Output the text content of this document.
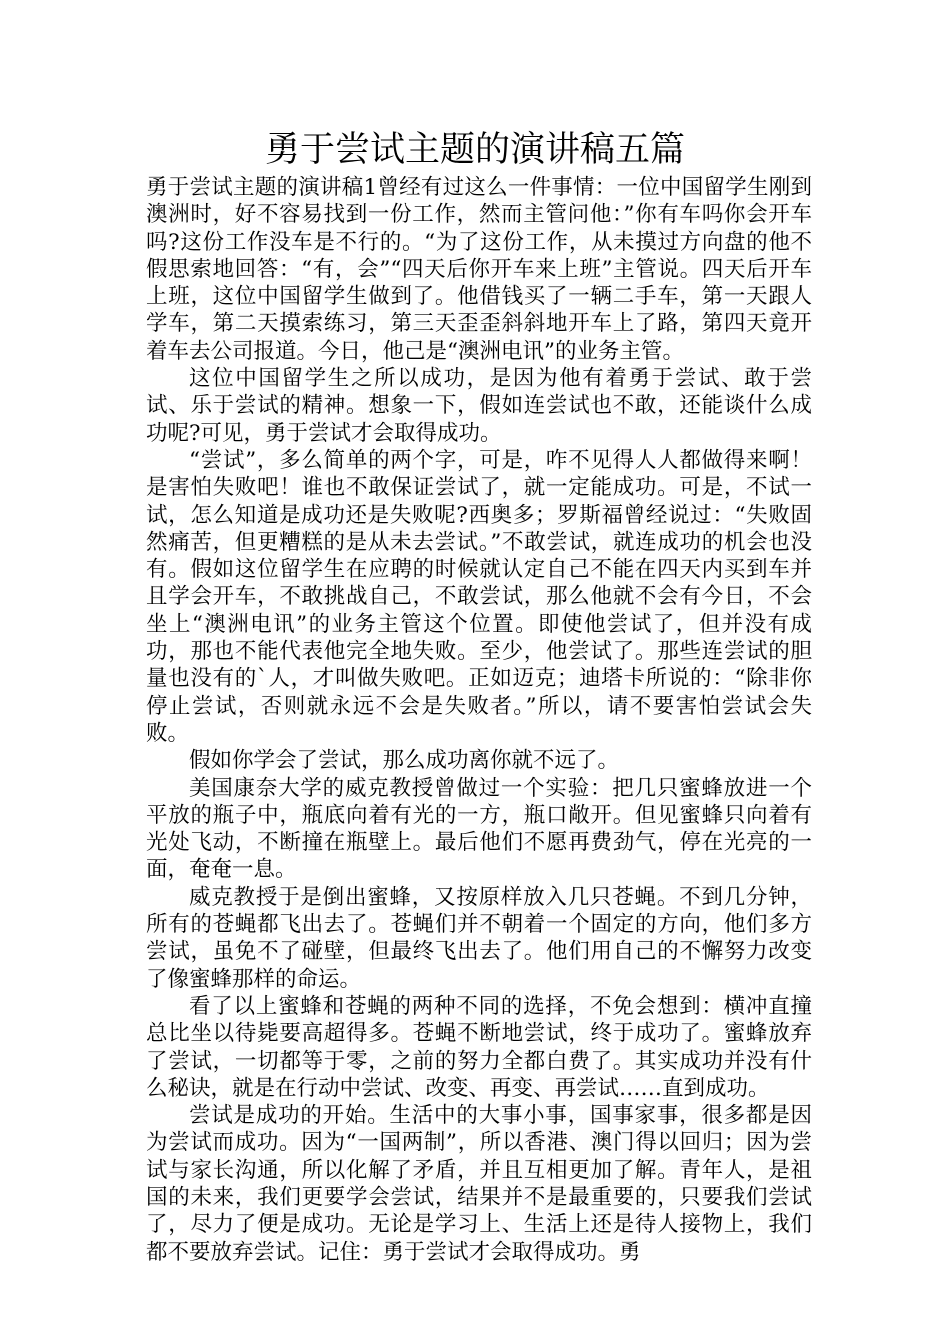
勇于尝试主题的演讲稿五篇

勇于尝试主题的演讲稿1曾经有过这么一件事情：一位中国留学生刚到澳洲时，好不容易找到一份工作，然而主管问他：”你有车吗你会开车吗?这份工作没车是不行的。“为了这份工作，从未摸过方向盘的他不假思索地回答：“有，会”“四天后你开车来上班”主管说。四天后开车上班，这位中国留学生做到了。他借钱买了一辆二手车，第一天跟人学车，第二天摸索练习，第三天歪歪斜斜地开车上了路，第四天竟开着车去公司报道。今日，他己是“澳洲电讯”的业务主管。

这位中国留学生之所以成功，是因为他有着勇于尝试、敢于尝试、乐于尝试的精神。想象一下，假如连尝试也不敢，还能谈什么成功呢?可见，勇于尝试才会取得成功。

“尝试”，多么简单的两个字，可是，咋不见得人人都做得来啊！是害怕失败吧！谁也不敢保证尝试了，就一定能成功。可是，不试一试，怎么知道是成功还是失败呢?西奥多；罗斯福曾经说过：“失败固然痛苦，但更糟糕的是从未去尝试。”不敢尝试，就连成功的机会也没有。假如这位留学生在应聘的时候就认定自己不能在四天内买到车并且学会开车，不敢挑战自己，不敢尝试，那么他就不会有今日，不会坐上“澳洲电讯”的业务主管这个位置。即使他尝试了，但并没有成功，那也不能代表他完全地失败。至少，他尝试了。那些连尝试的胆量也没有的`人，才叫做失败吧。正如迈克；迪塔卡所说的：“除非你停止尝试，否则就永远不会是失败者。”所以，请不要害怕尝试会失败。

假如你学会了尝试，那么成功离你就不远了。

美国康奈大学的威克教授曾做过一个实验：把几只蜜蜂放进一个平放的瓶子中，瓶底向着有光的一方，瓶口敞开。但见蜜蜂只向着有光处飞动，不断撞在瓶壁上。最后他们不愿再费劲气，停在光亮的一面，奄奄一息。

威克教授于是倒出蜜蜂，又按原样放入几只苍蝇。不到几分钟，所有的苍蝇都飞出去了。苍蝇们并不朝着一个固定的方向，他们多方尝试，虽免不了碰壁，但最终飞出去了。他们用自己的不懈努力改变了像蜜蜂那样的命运。

看了以上蜜蜂和苍蝇的两种不同的选择，不免会想到：横冲直撞总比坐以待毙要高超得多。苍蝇不断地尝试，终于成功了。蜜蜂放弃了尝试，一切都等于零，之前的努力全都白费了。其实成功并没有什么秘诀，就是在行动中尝试、改变、再变、再尝试……直到成功。

尝试是成功的开始。生活中的大事小事，国事家事，很多都是因为尝试而成功。因为“一国两制”，所以香港、澳门得以回归；因为尝试与家长沟通，所以化解了矛盾，并且互相更加了解。青年人，是祖国的未来，我们更要学会尝试，结果并不是最重要的，只要我们尝试了，尽力了便是成功。无论是学习上、生活上还是待人接物上，我们都不要放弃尝试。记住：勇于尝试才会取得成功。勇
